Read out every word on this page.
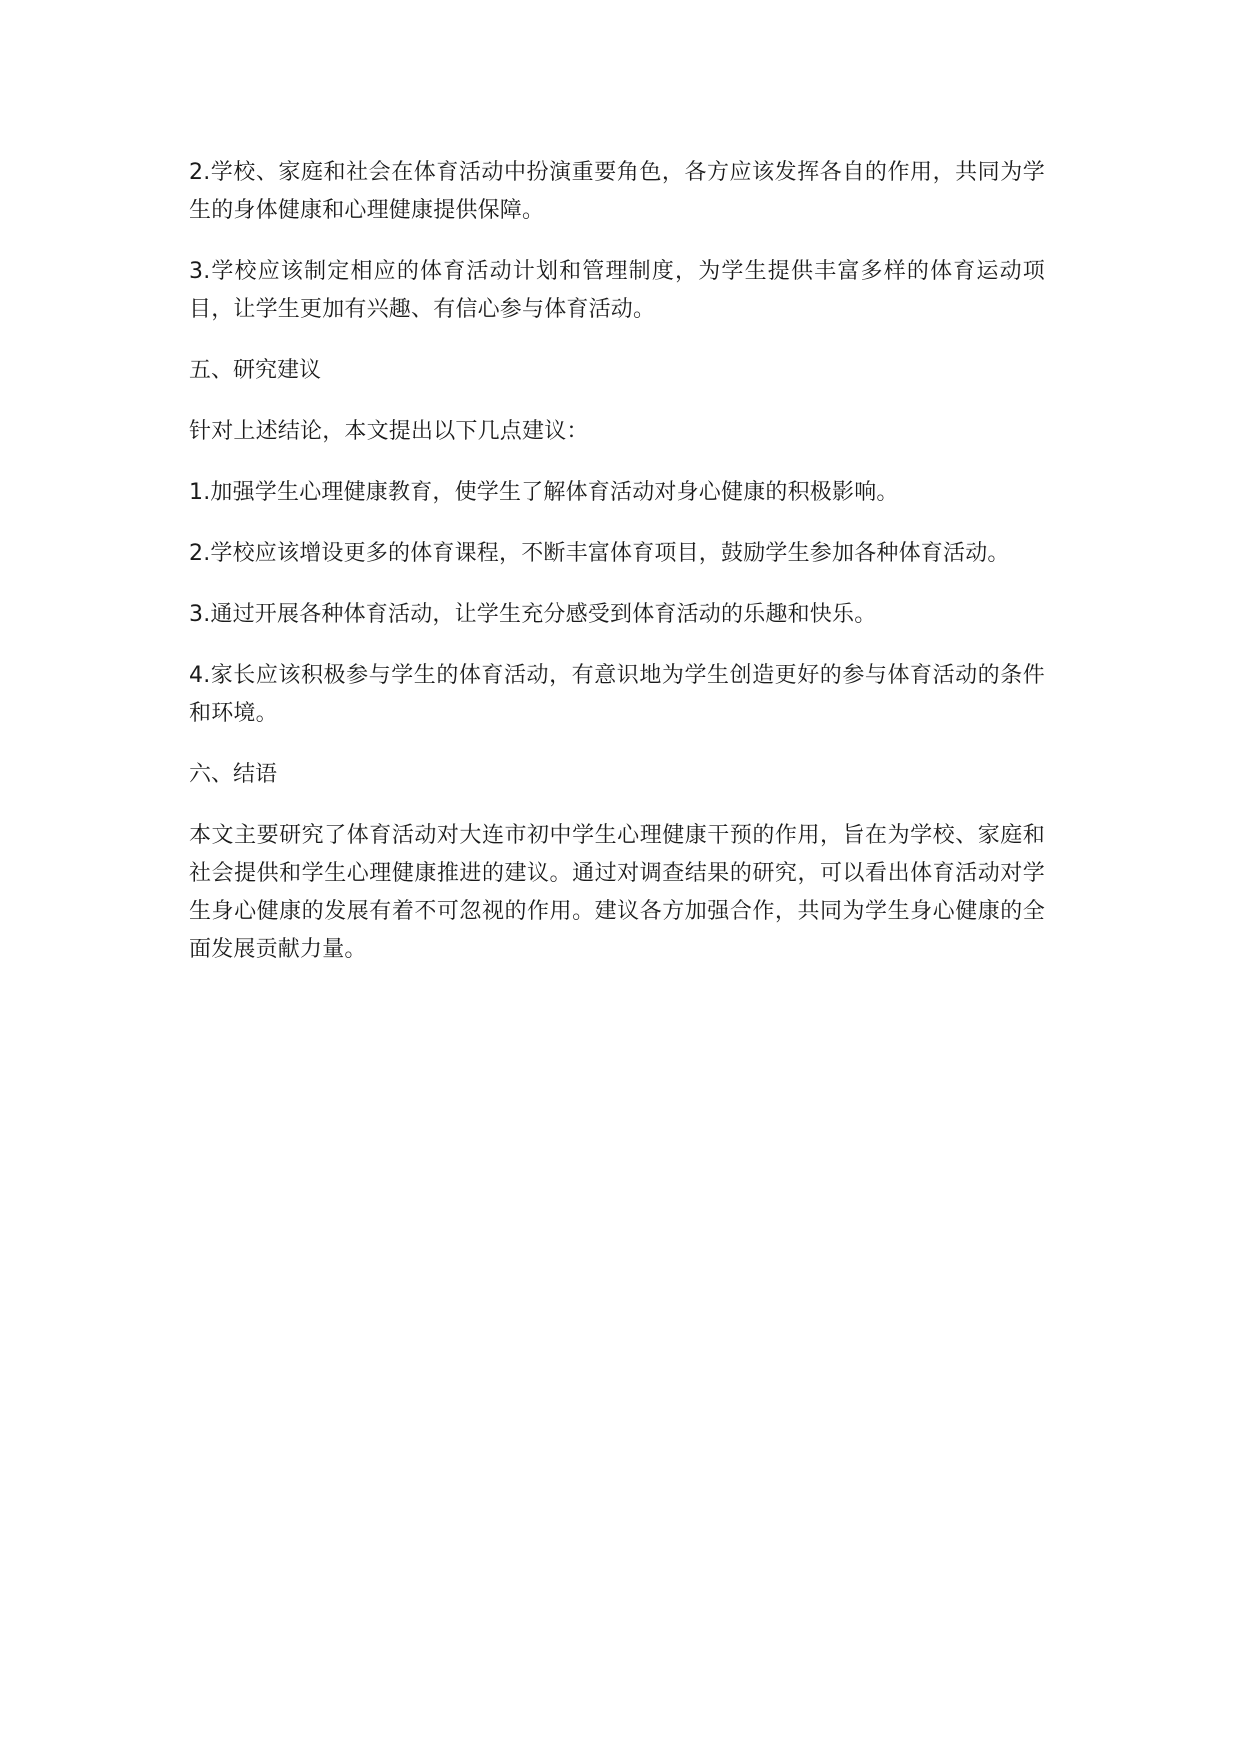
2.学校、家庭和社会在体育活动中扮演重要角色，各方应该发挥各自的作用，共同为学生的身体健康和心理健康提供保障。

3.学校应该制定相应的体育活动计划和管理制度，为学生提供丰富多样的体育运动项目，让学生更加有兴趣、有信心参与体育活动。

五、研究建议

针对上述结论，本文提出以下几点建议：

1.加强学生心理健康教育，使学生了解体育活动对身心健康的积极影响。

2.学校应该增设更多的体育课程，不断丰富体育项目，鼓励学生参加各种体育活动。

3.通过开展各种体育活动，让学生充分感受到体育活动的乐趣和快乐。

4.家长应该积极参与学生的体育活动，有意识地为学生创造更好的参与体育活动的条件和环境。

六、结语

本文主要研究了体育活动对大连市初中学生心理健康干预的作用，旨在为学校、家庭和社会提供和学生心理健康推进的建议。通过对调查结果的研究，可以看出体育活动对学生身心健康的发展有着不可忽视的作用。建议各方加强合作，共同为学生身心健康的全面发展贡献力量。
